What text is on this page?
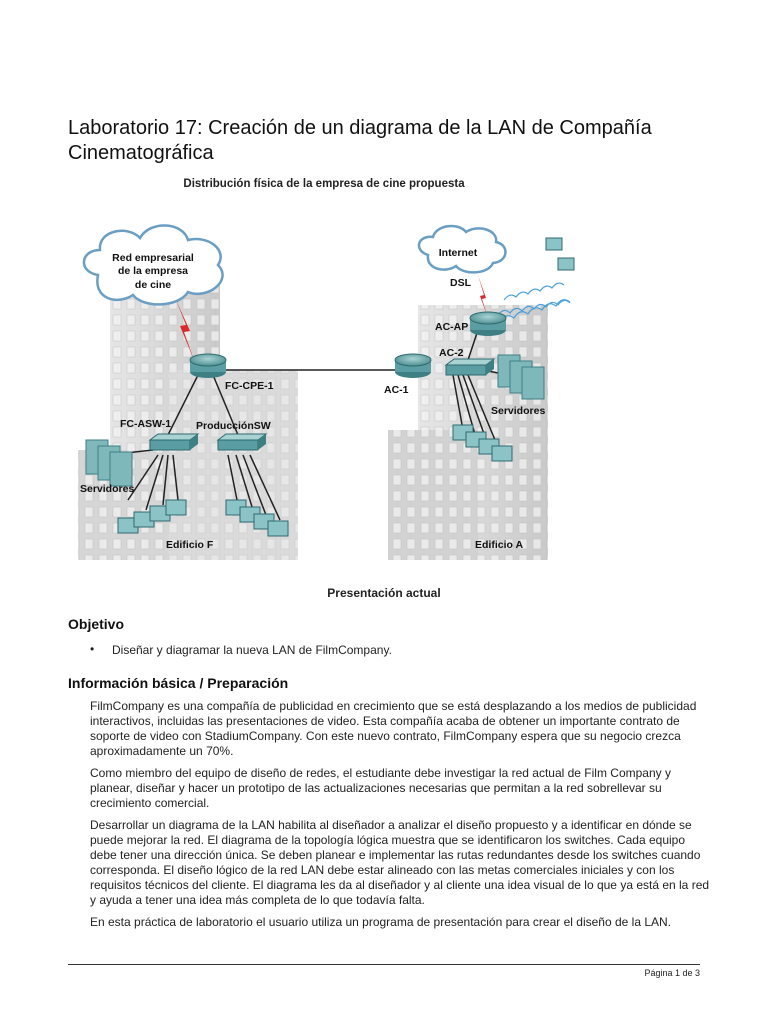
Laboratorio 17: Creación de un diagrama de la LAN de Compañía Cinematográfica
Distribución física de la empresa de cine propuesta
Red empresarial
de la empresa
de cine
Internet
DSL
FC-CPE-1
FC-ASW-1 ProducciónSW
Servidores
Edificio F
AC-AP
AC-2
AC-1
Servidores
Edificio A
Presentación actual
Objetivo
• Diseñar y diagramar la nueva LAN de FilmCompany.
Información básica / Preparación

FilmCompany es una compañía de publicidad en crecimiento que se está desplazando a los medios de publicidad interactivos, incluidas las presentaciones de video. Esta compañía acaba de obtener un importante contrato de soporte de video con StadiumCompany. Con este nuevo contrato, FilmCompany espera que su negocio crezca aproximadamente un 70%.

Como miembro del equipo de diseño de redes, el estudiante debe investigar la red actual de Film Company y planear, diseñar y hacer un prototipo de las actualizaciones necesarias que permitan a la red sobrellevar su crecimiento comercial.

Desarrollar un diagrama de la LAN habilita al diseñador a analizar el diseño propuesto y a identificar en dónde se puede mejorar la red. El diagrama de la topología lógica muestra que se identificaron los switches. Cada equipo debe tener una dirección única. Se deben planear e implementar las rutas redundantes desde los switches cuando corresponda. El diseño lógico de la red LAN debe estar alineado con las metas comerciales iniciales y con los requisitos técnicos del cliente. El diagrama les da al diseñador y al cliente una idea visual de lo que ya está en la red y ayuda a tener una idea más completa de lo que todavía falta.

En esta práctica de laboratorio el usuario utiliza un programa de presentación para crear el diseño de la LAN.

Página 1 de 3
